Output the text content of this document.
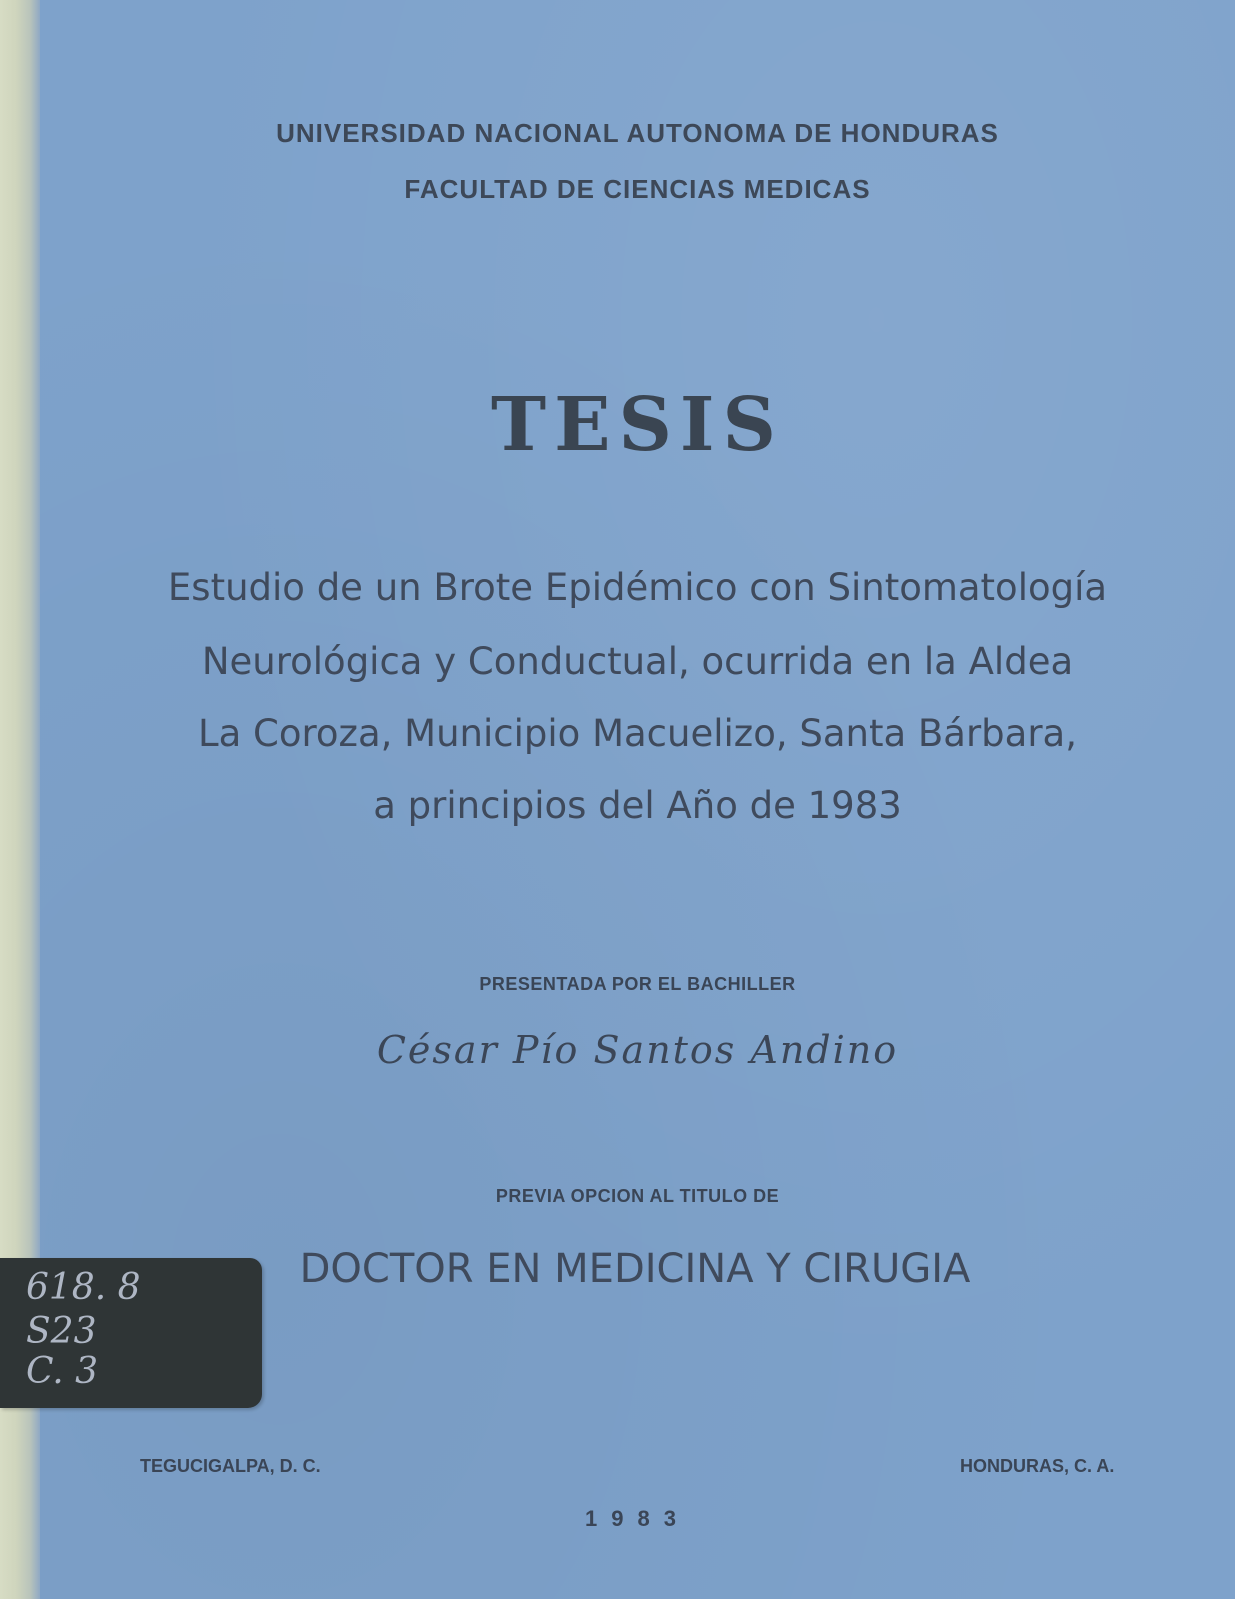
UNIVERSIDAD NACIONAL AUTONOMA DE HONDURAS
FACULTAD DE CIENCIAS MEDICAS
TESIS
Estudio de un Brote Epidémico con Sintomatología
Neurológica y Conductual, ocurrida en la Aldea
La Coroza, Municipio Macuelizo, Santa Bárbara,
a principios del Año de 1983
PRESENTADA POR EL BACHILLER
César Pío Santos Andino
PREVIA OPCION AL TITULO DE
DOCTOR EN MEDICINA Y CIRUGIA
618. 8
S23
C. 3
TEGUCIGALPA, D. C.	HONDURAS, C. A.
1983
